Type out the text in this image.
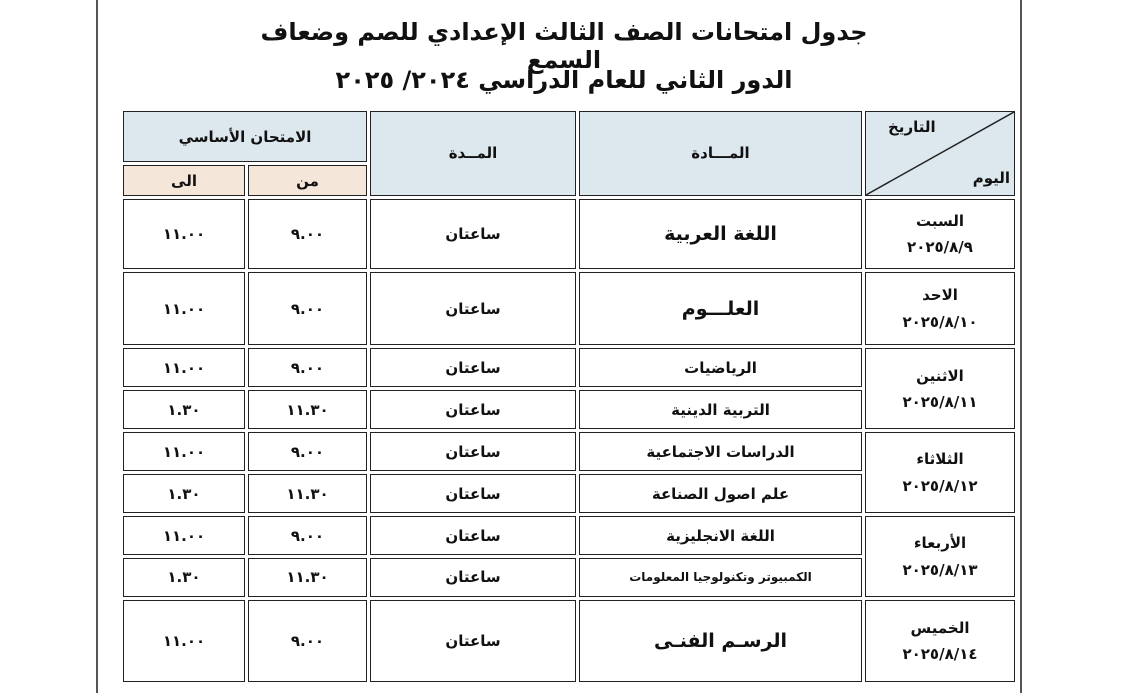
جدول امتحانات الصف الثالث الإعدادي للصم وضعاف السمع
الدور الثاني للعام الدراسي ٢٠٢٤/ ٢٠٢٥
التاريخ
اليوم	المـــادة	المــدة	الامتحان الأساسي	
			من	الى

السبت
٢٠٢٥/٨/٩	اللغة العربية	ساعتان	٩.٠٠	١١.٠٠

الاحد
٢٠٢٥/٨/١٠	العلـــوم	ساعتان	٩.٠٠	١١.٠٠

الاثنين
٢٠٢٥/٨/١١	الرياضيات	ساعتان	٩.٠٠	١١.٠٠
	التربية الدينية	ساعتان	١١.٣٠	١.٣٠

الثلاثاء
٢٠٢٥/٨/١٢	الدراسات الاجتماعية	ساعتان	٩.٠٠	١١.٠٠
	علم اصول الصناعة	ساعتان	١١.٣٠	١.٣٠

الأربعاء
٢٠٢٥/٨/١٣	اللغة الانجليزية	ساعتان	٩.٠٠	١١.٠٠
	الكمبيوتر وتكنولوجيا المعلومات	ساعتان	١١.٣٠	١.٣٠

الخميس
٢٠٢٥/٨/١٤	الرسـم الفنـى	ساعتان	٩.٠٠	١١.٠٠
